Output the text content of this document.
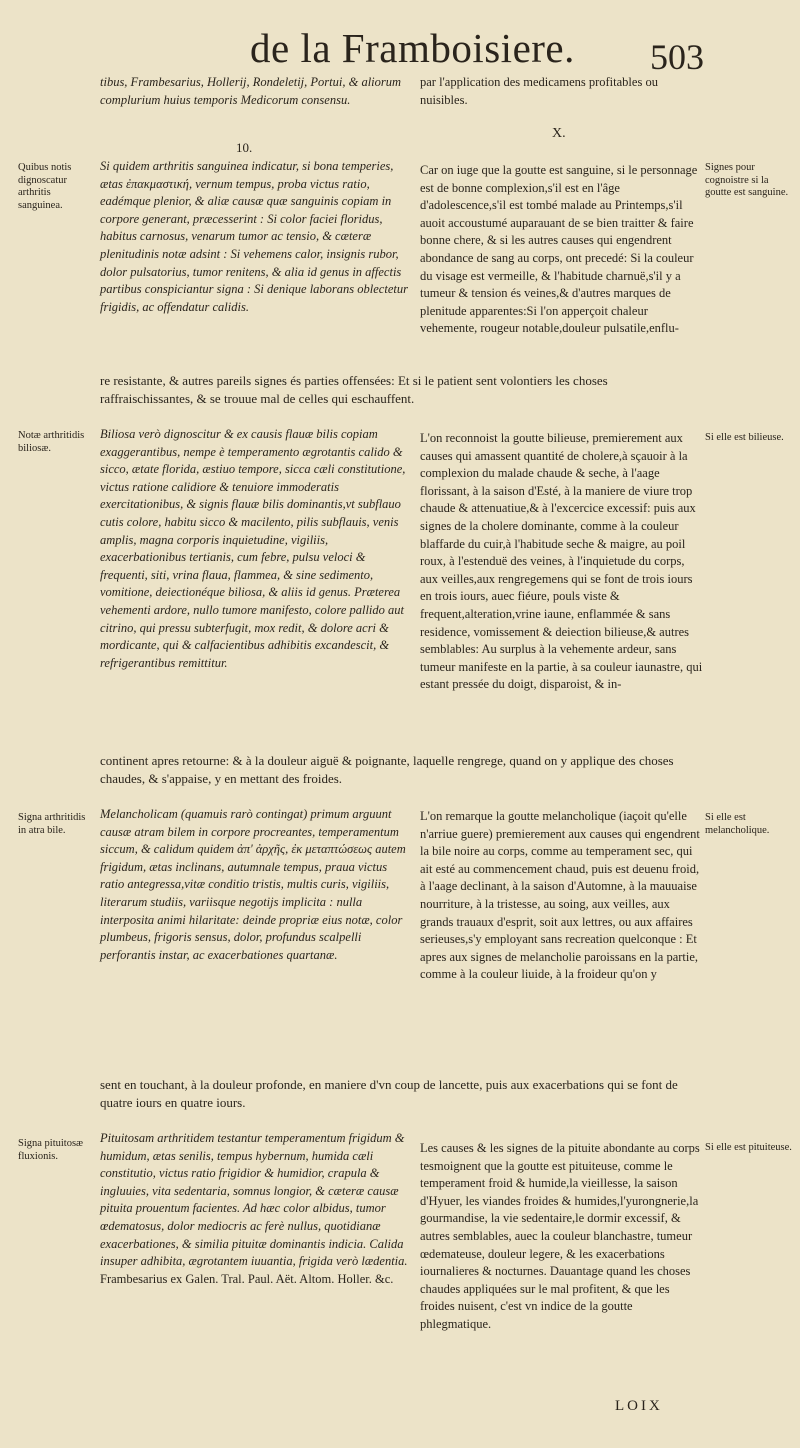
de la Framboisiere. 503

tibus, Frambesarius, Hollerij, Rondeletij, Portui, & aliorum complurium huius temporis Medicorum consensu.

par l'application des medicamens profitables ou nuisibles.

10.
X.
Quibus notis dignoscatur arthritis sanguinea.

Si quidem arthritis sanguinea indicatur, si bona temperies, ætas ἐπακμαστική, vernum tempus, proba victus ratio, eadémque plenior, & aliæ causæ quæ sanguinis copiam in corpore generant, præcesserint : Si color faciei floridus, habitus carnosus, venarum tumor ac tensio, & cæteræ plenitudinis notæ adsint : Si vehemens calor, insignis rubor, dolor pulsatorius, tumor renitens, & alia id genus in affectis partibus conspiciantur signa : Si denique laborans oblectetur frigidis, ac offendatur calidis.

Car on iuge que la goutte est sanguine, si le personnage est de bonne complexion,s'il est en l'âge d'adolescence,s'il est tombé malade au Printemps,s'il auoit accoustumé auparauant de se bien traitter & faire bonne chere, & si les autres causes qui engendrent abondance de sang au corps, ont precedé: Si la couleur du visage est vermeille, & l'habitude charnuë,s'il y a tumeur & tension és veines,& d'autres marques de plenitude apparentes:Si l'on apperçoit chaleur vehemente, rougeur notable,douleur pulsatile,enflu-

Signes pour cognoistre si la goutte est sanguine.

re resistante, & autres pareils signes és parties offensées: Et si le patient sent volontiers les choses raffraischissantes, & se trouue mal de celles qui eschauffent.

Notæ arthritidis biliosæ.

Biliosa verò dignoscitur & ex causis flauæ bilis copiam exaggerantibus, nempe è temperamento ægrotantis calido & sicco, ætate florida, æstiuo tempore, sicca cæli constitutione, victus ratione calidiore & tenuiore immoderatis exercitationibus, & signis flauæ bilis dominantis,vt subflauo cutis colore, habitu sicco & macilento, pilis subflauis, venis amplis, magna corporis inquietudine, vigiliis, exacerbationibus tertianis, cum febre, pulsu veloci & frequenti, siti, vrina flaua, flammea, & sine sedimento, vomitione, deiectionéque biliosa, & aliis id genus. Præterea vehementi ardore, nullo tumore manifesto, colore pallido aut citrino, qui pressu subterfugit, mox redit, & dolore acri & mordicante, qui & calfacientibus adhibitis excandescit, & refrigerantibus remittitur.

L'on reconnoist la goutte bilieuse, premierement aux causes qui amassent quantité de cholere,à sçauoir à la complexion du malade chaude & seche, à l'aage florissant, à la saison d'Esté, à la maniere de viure trop chaude & attenuatiue,& à l'excercice excessif: puis aux signes de la cholere dominante, comme à la couleur blaffarde du cuir,à l'habitude seche & maigre, au poil roux, à l'estenduë des veines, à l'inquietude du corps, aux veilles,aux rengregemens qui se font de trois iours en trois iours, auec fiéure, pouls viste & frequent,alteration,vrine iaune, enflammée & sans residence, vomissement & deiection bilieuse,& autres semblables: Au surplus à la vehemente ardeur, sans tumeur manifeste en la partie, à sa couleur iaunastre, qui estant pressée du doigt, disparoist, & in-

Si elle est bilieuse.

continent apres retourne: & à la douleur aiguë & poignante, laquelle rengrege, quand on y applique des choses chaudes, & s'appaise, y en mettant des froides.

Signa arthritidis in atra bile.

Melancholicam (quamuis rarò contingat) primum arguunt causæ atram bilem in corpore procreantes, temperamentum siccum, & calidum quidem ἀπ' ἀρχῆς, ἐκ μεταπτώσεως autem frigidum, ætas inclinans, autumnale tempus, praua victus ratio antegressa,vitæ conditio tristis, multis curis, vigiliis, literarum studiis, variisque negotijs implicita : nulla interposita animi hilaritate: deinde propriæ eius notæ, color plumbeus, frigoris sensus, dolor, profundus scalpelli perforantis instar, ac exacerbationes quartanæ.

L'on remarque la goutte melancholique (iaçoit qu'elle n'arriue guere) premierement aux causes qui engendrent la bile noire au corps, comme au temperament sec, qui ait esté au commencement chaud, puis est deuenu froid, à l'aage declinant, à la saison d'Automne, à la mauuaise nourriture, à la tristesse, au soing, aux veilles, aux grands trauaux d'esprit, soit aux lettres, ou aux affaires serieuses,s'y employant sans recreation quelconque : Et apres aux signes de melancholie paroissans en la partie, comme à la couleur liuide, à la froideur qu'on y

Si elle est melancholique.

sent en touchant, à la douleur profonde, en maniere d'vn coup de lancette, puis aux exacerbations qui se font de quatre iours en quatre iours.

Signa pituitosæ fluxionis.
Pituitosam arthritidem testantur temperamentum frigidum & humidum, ætas senilis, tempus hybernum, humida cæli constitutio, victus ratio frigidior & humidior, crapula & ingluuies, vita sedentaria, somnus longior, & cæteræ causæ pituita prouentum facientes. Ad hæc color albidus, tumor œdematosus, dolor mediocris ac ferè nullus, quotidianæ exacerbationes, & similia pituitæ dominantis indicia. Calida insuper adhibita, ægrotantem iuuantia, frigida verò lædentia. Frambesarius ex Galen. Tral. Paul. Aët. Altom. Holler. &c.

Les causes & les signes de la pituite abondante au corps tesmoignent que la goutte est pituiteuse, comme le temperament froid & humide,la vieillesse, la saison d'Hyuer, les viandes froides & humides,l'yurongnerie,la gourmandise, la vie sedentaire,le dormir excessif, & autres semblables, auec la couleur blanchastre, tumeur œdemateuse, douleur legere, & les exacerbations iournalieres & nocturnes. Dauantage quand les choses chaudes appliquées sur le mal profitent, & que les froides nuisent, c'est vn indice de la goutte phlegmatique.

Si elle est pituiteuse.
LOIX
